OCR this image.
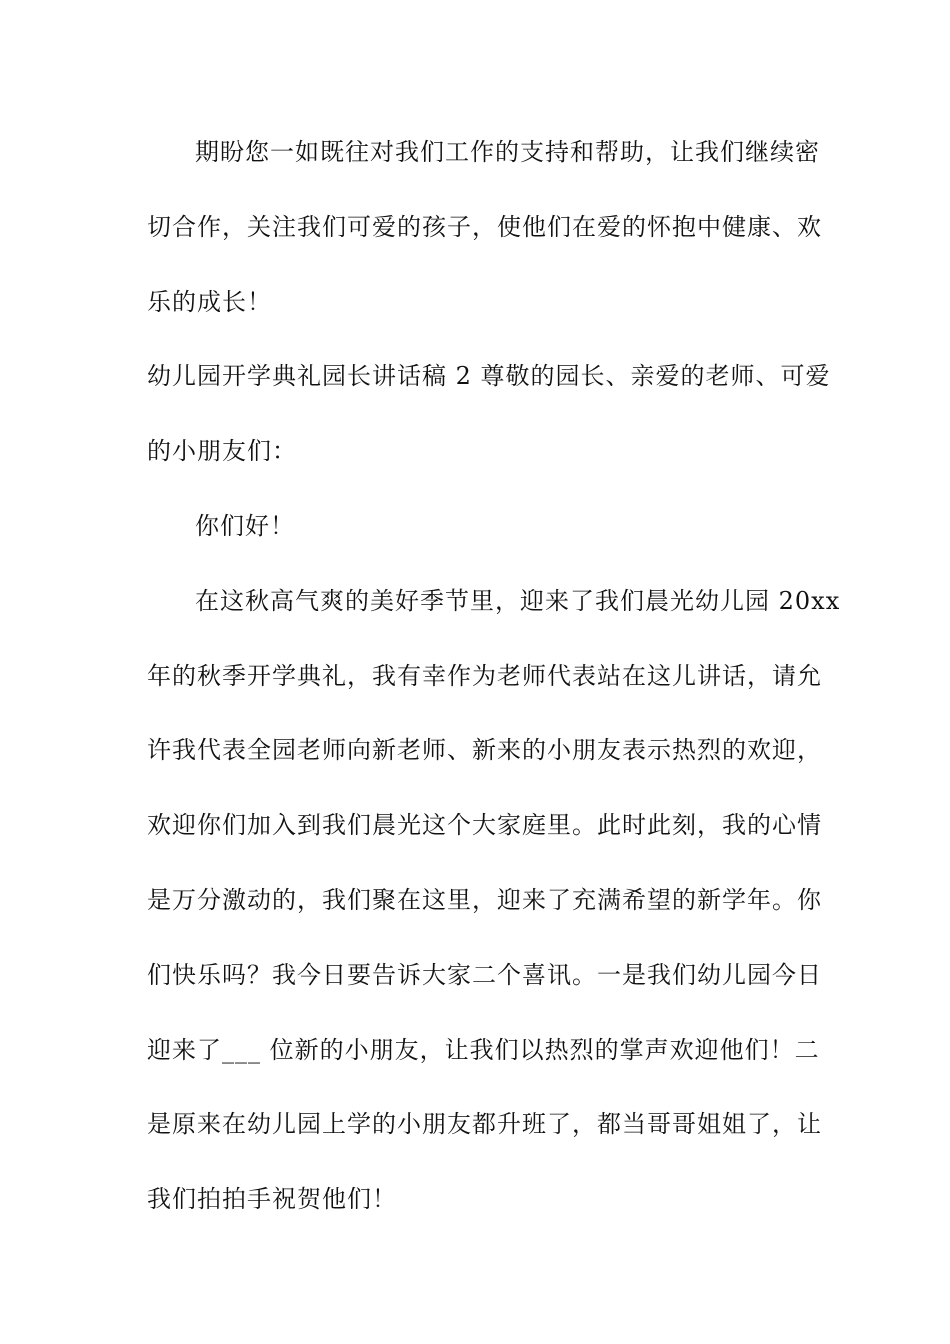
期盼您一如既往对我们工作的支持和帮助，让我们继续密
切合作，关注我们可爱的孩子，使他们在爱的怀抱中健康、欢
乐的成长！
幼儿园开学典礼园长讲话稿 2 尊敬的园长、亲爱的老师、可爱
的小朋友们：
你们好！
在这秋高气爽的美好季节里，迎来了我们晨光幼儿园 20xx
年的秋季开学典礼，我有幸作为老师代表站在这儿讲话，请允
许我代表全园老师向新老师、新来的小朋友表示热烈的欢迎，
欢迎你们加入到我们晨光这个大家庭里。此时此刻，我的心情
是万分激动的，我们聚在这里，迎来了充满希望的新学年。你
们快乐吗？我今日要告诉大家二个喜讯。一是我们幼儿园今日
迎来了___ 位新的小朋友，让我们以热烈的掌声欢迎他们！二
是原来在幼儿园上学的小朋友都升班了，都当哥哥姐姐了，让
我们拍拍手祝贺他们！
